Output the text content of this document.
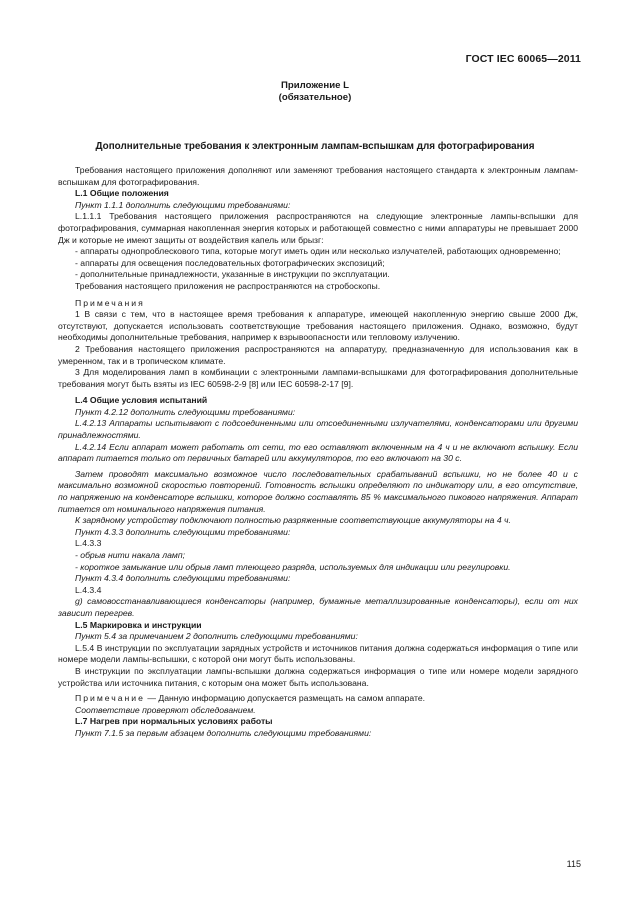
ГОСТ IEC 60065—2011
Приложение L
(обязательное)
Дополнительные требования к электронным лампам-вспышкам для фотографирования

Требования настоящего приложения дополняют или заменяют требования настоящего стандарта к электронным лампам-вспышкам для фотографирования.

L.1 Общие положения

Пункт 1.1.1 дополнить следующими требованиями:

L.1.1.1 Требования настоящего приложения распространяются на следующие электронные лампы-вспышки для фотографирования, суммарная накопленная энергия которых и работающей совместно с ними аппаратуры не превышает 2000 Дж и которые не имеют защиты от воздействия капель или брызг:

- аппараты однопроблескового типа, которые могут иметь один или несколько излучателей, работающих одновременно;

- аппараты для освещения последовательных фотографических экспозиций;

- дополнительные принадлежности, указанные в инструкции по эксплуатации.

Требования настоящего приложения не распространяются на стробоскопы.

Примечания

1 В связи с тем, что в настоящее время требования к аппаратуре, имеющей накопленную энергию свыше 2000 Дж, отсутствуют, допускается использовать соответствующие требования настоящего приложения. Однако, возможно, будут необходимы дополнительные требования, например к взрывоопасности или тепловому излучению.

2 Требования настоящего приложения распространяются на аппаратуру, предназначенную для использования как в умеренном, так и в тропическом климате.

3 Для моделирования ламп в комбинации с электронными лампами-вспышками для фотографирования дополнительные требования могут быть взяты из IEC 60598-2-9 [8] или IEC 60598-2-17 [9].

L.4 Общие условия испытаний

Пункт 4.2.12 дополнить следующими требованиями:

L.4.2.13 Аппараты испытывают с подсоединенными или отсоединенными излучателями, конденсаторами или другими принадлежностями.

L.4.2.14 Если аппарат может работать от сети, то его оставляют включенным на 4 ч и не включают вспышку. Если аппарат питается только от первичных батарей или аккумуляторов, то его включают на 30 с.

Затем проводят максимально возможное число последовательных срабатываний вспышки, но не более 40 и с максимально возможной скоростью повторений. Готовность вспышки определяют по индикатору или, в его отсутствие, по напряжению на конденсаторе вспышки, которое должно составлять 85 % максимального пикового напряжения. Аппарат питается от номинального напряжения питания.

К зарядному устройству подключают полностью разряженные соответствующие аккумуляторы на 4 ч.

Пункт 4.3.3 дополнить следующими требованиями:

L.4.3.3

- обрыв нити накала ламп;

- короткое замыкание или обрыв ламп тлеющего разряда, используемых для индикации или регулировки.

Пункт 4.3.4 дополнить следующими требованиями:

L.4.3.4

g) самовосстанавливающиеся конденсаторы (например, бумажные металлизированные конденсаторы), если от них зависит перегрев.

L.5 Маркировка и инструкции

Пункт 5.4 за примечанием 2 дополнить следующими требованиями:

L.5.4 В инструкции по эксплуатации зарядных устройств и источников питания должна содержаться информация о типе или номере модели лампы-вспышки, с которой они могут быть использованы.

В инструкции по эксплуатации лампы-вспышки должна содержаться информация о типе или номере модели зарядного устройства или источника питания, с которым она может быть использована.

Примечание — Данную информацию допускается размещать на самом аппарате.

Соответствие проверяют обследованием.

L.7 Нагрев при нормальных условиях работы

Пункт 7.1.5 за первым абзацем дополнить следующими требованиями:

115
